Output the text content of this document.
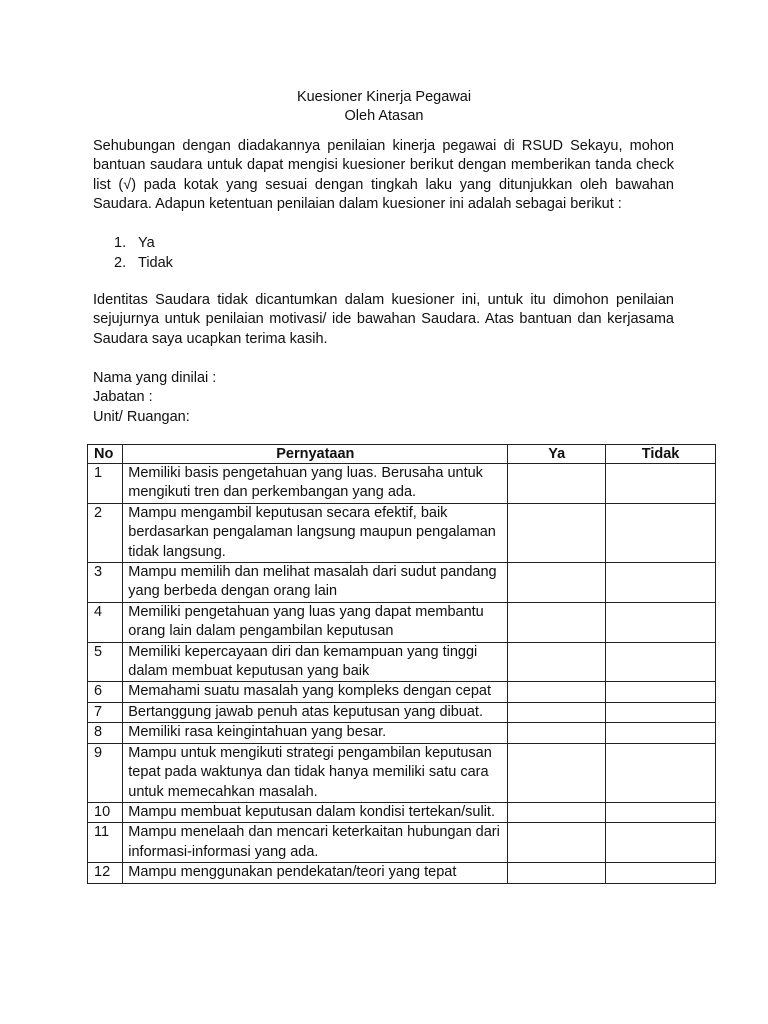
Kuesioner Kinerja Pegawai
Oleh Atasan

Sehubungan dengan diadakannya penilaian kinerja pegawai di RSUD Sekayu, mohon bantuan saudara untuk dapat mengisi kuesioner berikut dengan memberikan tanda check list (√) pada kotak yang sesuai dengan tingkah laku yang ditunjukkan oleh bawahan Saudara. Adapun ketentuan penilaian dalam kuesioner ini adalah sebagai berikut :

1. Ya
2. Tidak

Identitas Saudara tidak dicantumkan dalam kuesioner ini, untuk itu dimohon penilaian sejujurnya untuk penilaian motivasi/ ide bawahan Saudara. Atas bantuan dan kerjasama Saudara saya ucapkan terima kasih.

Nama yang dinilai :
Jabatan :
Unit/ Ruangan:
No	Pernyataan	Ya	Tidak
1	Memiliki basis pengetahuan yang luas. Berusaha untuk mengikuti tren dan perkembangan yang ada.		
2	Mampu mengambil keputusan secara efektif, baik berdasarkan pengalaman langsung maupun pengalaman tidak langsung.		
3	Mampu memilih dan melihat masalah dari sudut pandang yang berbeda dengan orang lain		
4	Memiliki pengetahuan yang luas yang dapat membantu orang lain dalam pengambilan keputusan		
5	Memiliki kepercayaan diri dan kemampuan yang tinggi dalam membuat keputusan yang baik		
6	Memahami suatu masalah yang kompleks dengan cepat		
7	Bertanggung jawab penuh atas keputusan yang dibuat.		
8	Memiliki rasa keingintahuan yang besar.		
9	Mampu untuk mengikuti strategi pengambilan keputusan tepat pada waktunya dan tidak hanya memiliki satu cara untuk memecahkan masalah.		
10	Mampu membuat keputusan dalam kondisi tertekan/sulit.		
11	Mampu menelaah dan mencari keterkaitan hubungan dari informasi-informasi yang ada.		
12	Mampu menggunakan pendekatan/teori yang tepat		
